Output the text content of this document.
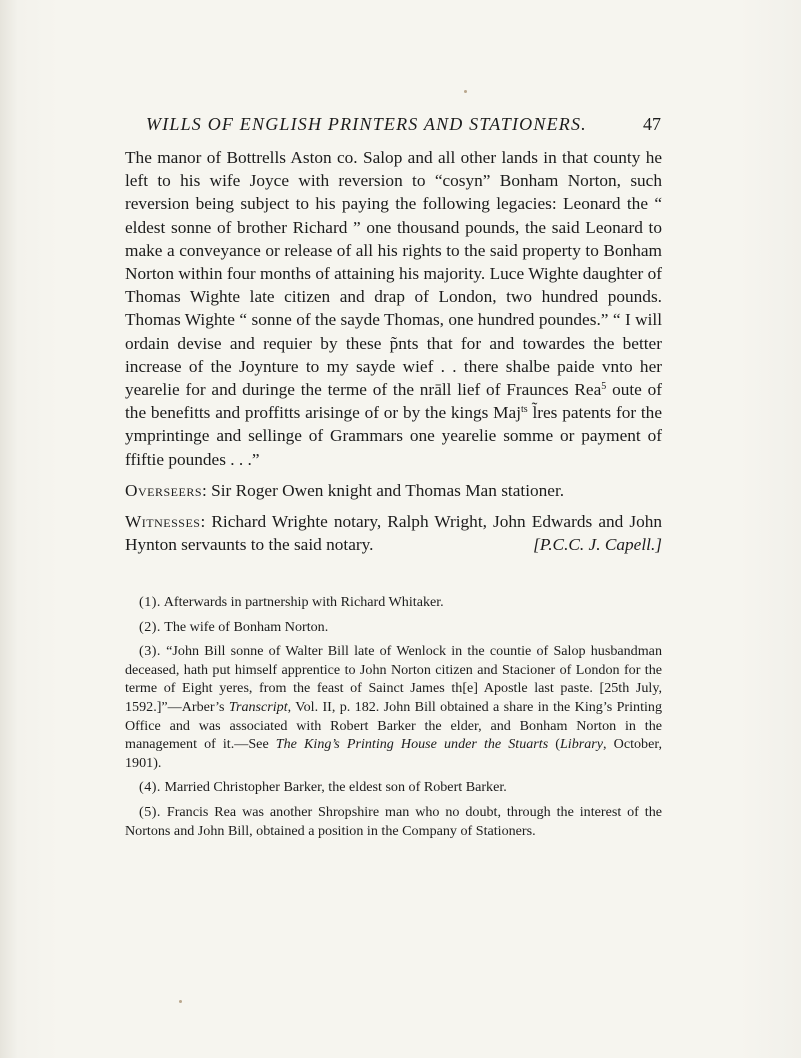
WILLS OF ENGLISH PRINTERS AND STATIONERS.	47

The manor of Bottrells Aston co. Salop and all other lands in that county he left to his wife Joyce with reversion to “cosyn” Bonham Norton, such reversion being subject to his paying the following legacies: Leonard the “ eldest sonne of brother Richard ” one thousand pounds, the said Leonard to make a conveyance or release of all his rights to the said property to Bonham Norton within four months of attaining his majority. Luce Wighte daughter of Thomas Wighte late citizen and drap of London, two hundred pounds. Thomas Wighte “ sonne of the sayde Thomas, one hundred poundes.” “ I will ordain devise and requier by these p̃nts that for and towardes the better increase of the Joynture to my sayde wief . . there shalbe paide vnto her yearelie for and duringe the terme of the nrāll lief of Fraunces Rea$^5$ oute of the benefitts and proffitts arisinge of or by the kings Maj$^{ts}$ l̃res patents for the ymprintinge and sellinge of Grammars one yearelie somme or payment of ffiftie poundes . . .”

Overseers: Sir Roger Owen knight and Thomas Man stationer.

Witnesses: Richard Wrighte notary, Ralph Wright, John Edwards and John Hynton servaunts to the said notary.	[P.C.C. J. Capell.]

(1). Afterwards in partnership with Richard Whitaker.

(2). The wife of Bonham Norton.

(3). “John Bill sonne of Walter Bill late of Wenlock in the countie of Salop husbandman deceased, hath put himself apprentice to John Norton citizen and Stacioner of London for the terme of Eight yeres, from the feast of Sainct James th[e] Apostle last paste. [25th July, 1592.]”—Arber’s Transcript, Vol. II, p. 182. John Bill obtained a share in the King’s Printing Office and was associated with Robert Barker the elder, and Bonham Norton in the management of it.—See The King’s Printing House under the Stuarts (Library, October, 1901).

(4). Married Christopher Barker, the eldest son of Robert Barker.

(5). Francis Rea was another Shropshire man who no doubt, through the interest of the Nortons and John Bill, obtained a position in the Company of Stationers.
